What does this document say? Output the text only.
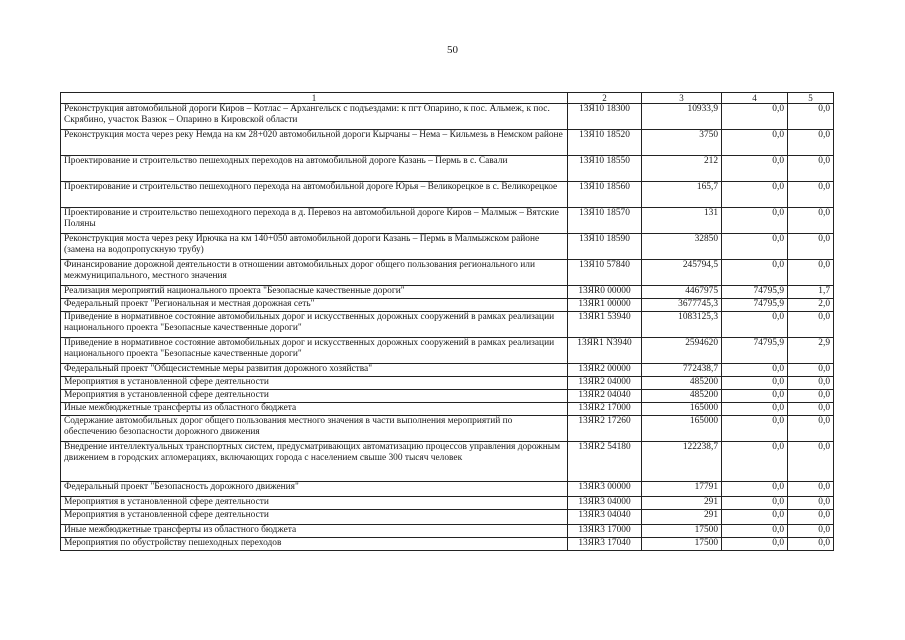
50
1	2	3	4	5
Реконструкция автомобильной дороги Киров – Котлас – Архангельск с подъездами: к пгт Опарино, к пос. Альмеж, к пос. Скрябино, участок Вазюк – Опарино в Кировской области	13Я10 18300	10933,9	0,0	0,0
Реконструкция моста через реку Немда на км 28+020 автомобильной дороги Кырчаны – Нема – Кильмезь в Немском районе	13Я10 18520	3750	0,0	0,0
Проектирование и строительство пешеходных переходов на автомобильной дороге Казань – Пермь в с. Савали	13Я10 18550	212	0,0	0,0
Проектирование и строительство пешеходного перехода на автомобильной дороге Юрья – Великорецкое в с. Великорецкое	13Я10 18560	165,7	0,0	0,0
Проектирование и строительство пешеходного перехода в д. Перевоз на автомобильной дороге Киров – Малмыж – Вятские Поляны	13Я10 18570	131	0,0	0,0
Реконструкция моста через реку Ирючка на км 140+050 автомобильной дороги Казань – Пермь в Малмыжском районе (замена на водопропускную трубу)	13Я10 18590	32850	0,0	0,0
Финансирование дорожной деятельности в отношении автомобильных дорог общего пользования регионального или межмуниципального, местного значения	13Я10 57840	245794,5	0,0	0,0
Реализация мероприятий национального проекта "Безопасные качественные дороги"	13ЯR0 00000	4467975	74795,9	1,7
Федеральный проект "Региональная и местная дорожная сеть"	13ЯR1 00000	3677745,3	74795,9	2,0
Приведение в нормативное состояние автомобильных дорог и искусственных дорожных сооружений в рамках реализации национального проекта "Безопасные качественные дороги"	13ЯR1 53940	1083125,3	0,0	0,0
Приведение в нормативное состояние автомобильных дорог и искусственных дорожных сооружений в рамках реализации национального проекта "Безопасные качественные дороги"	13ЯR1 N3940	2594620	74795,9	2,9
Федеральный проект "Общесистемные меры развития дорожного хозяйства"	13ЯR2 00000	772438,7	0,0	0,0
Мероприятия в установленной сфере деятельности	13ЯR2 04000	485200	0,0	0,0
Мероприятия в установленной сфере деятельности	13ЯR2 04040	485200	0,0	0,0
Иные межбюджетные трансферты из областного бюджета	13ЯR2 17000	165000	0,0	0,0
Содержание автомобильных дорог общего пользования местного значения в части выполнения мероприятий по обеспечению безопасности дорожного движения	13ЯR2 17260	165000	0,0	0,0
Внедрение интеллектуальных транспортных систем, предусматривающих автоматизацию процессов управления дорожным движением в городских агломерациях, включающих города с населением свыше 300 тысяч человек	13ЯR2 54180	122238,7	0,0	0,0
Федеральный проект "Безопасность дорожного движения"	13ЯR3 00000	17791	0,0	0,0
Мероприятия в установленной сфере деятельности	13ЯR3 04000	291	0,0	0,0
Мероприятия в установленной сфере деятельности	13ЯR3 04040	291	0,0	0,0
Иные межбюджетные трансферты из областного бюджета	13ЯR3 17000	17500	0,0	0,0
Мероприятия по обустройству пешеходных переходов	13ЯR3 17040	17500	0,0	0,0
